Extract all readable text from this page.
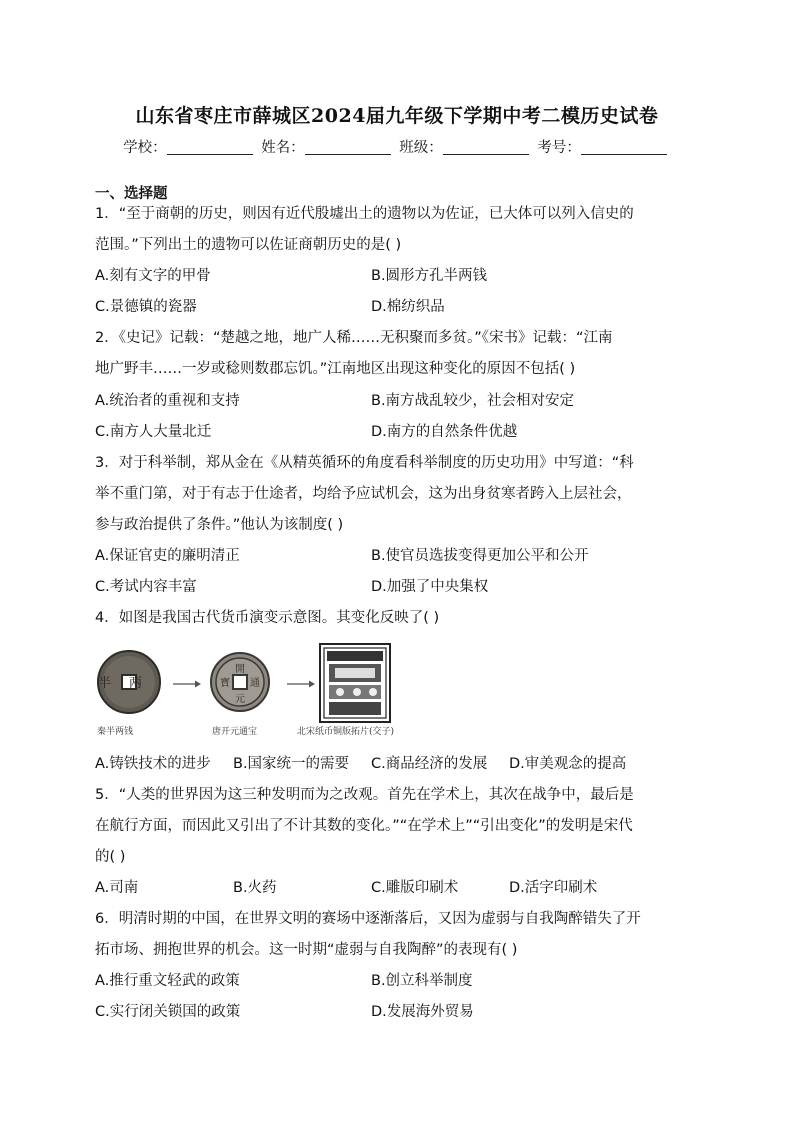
山东省枣庄市薛城区2024届九年级下学期中考二模历史试卷
学校：	姓名：	班级：	考号：
一、选择题
1．“至于商朝的历史，则因有近代殷墟出土的遗物以为佐证，已大体可以列入信史的
范围。”下列出土的遗物可以佐证商朝历史的是( )
A.刻有文字的甲骨	B.圆形方孔半两钱
C.景德镇的瓷器	D.棉纺织品
2．《史记》记载：“楚越之地，地广人稀……无积聚而多贫。”《宋书》记载：“江南
地广野丰……一岁或稔则数郡忘饥。”江南地区出现这种变化的原因不包括( )
A.统治者的重视和支持	B.南方战乱较少，社会相对安定
C.南方人大量北迁	D.南方的自然条件优越
3．对于科举制，郑从金在《从精英循环的角度看科举制度的历史功用》中写道：“科
举不重门第，对于有志于仕途者，均给予应试机会，这为出身贫寒者跨入上层社会，
参与政治提供了条件。”他认为该制度( )
A.保证官吏的廉明清正	B.使官员选拔变得更加公平和公开
C.考试内容丰富	D.加强了中央集权
4．如图是我国古代货币演变示意图。其变化反映了( )
半两
開
元
寳 通
秦半两钱	唐开元通宝	北宋纸币铜版拓片(交子)
A.铸铁技术的进步 B.国家统一的需要 C.商品经济的发展 D.审美观念的提高
5．“人类的世界因为这三种发明而为之改观。首先在学术上，其次在战争中，最后是
在航行方面，而因此又引出了不计其数的变化。”“在学术上”“引出变化”的发明是宋代
的( )
A.司南	B.火药	C.雕版印刷术	D.活字印刷术
6．明清时期的中国，在世界文明的赛场中逐渐落后，又因为虚弱与自我陶醉错失了开
拓市场、拥抱世界的机会。这一时期“虚弱与自我陶醉”的表现有( )
A.推行重文轻武的政策	B.创立科举制度
C.实行闭关锁国的政策	D.发展海外贸易
